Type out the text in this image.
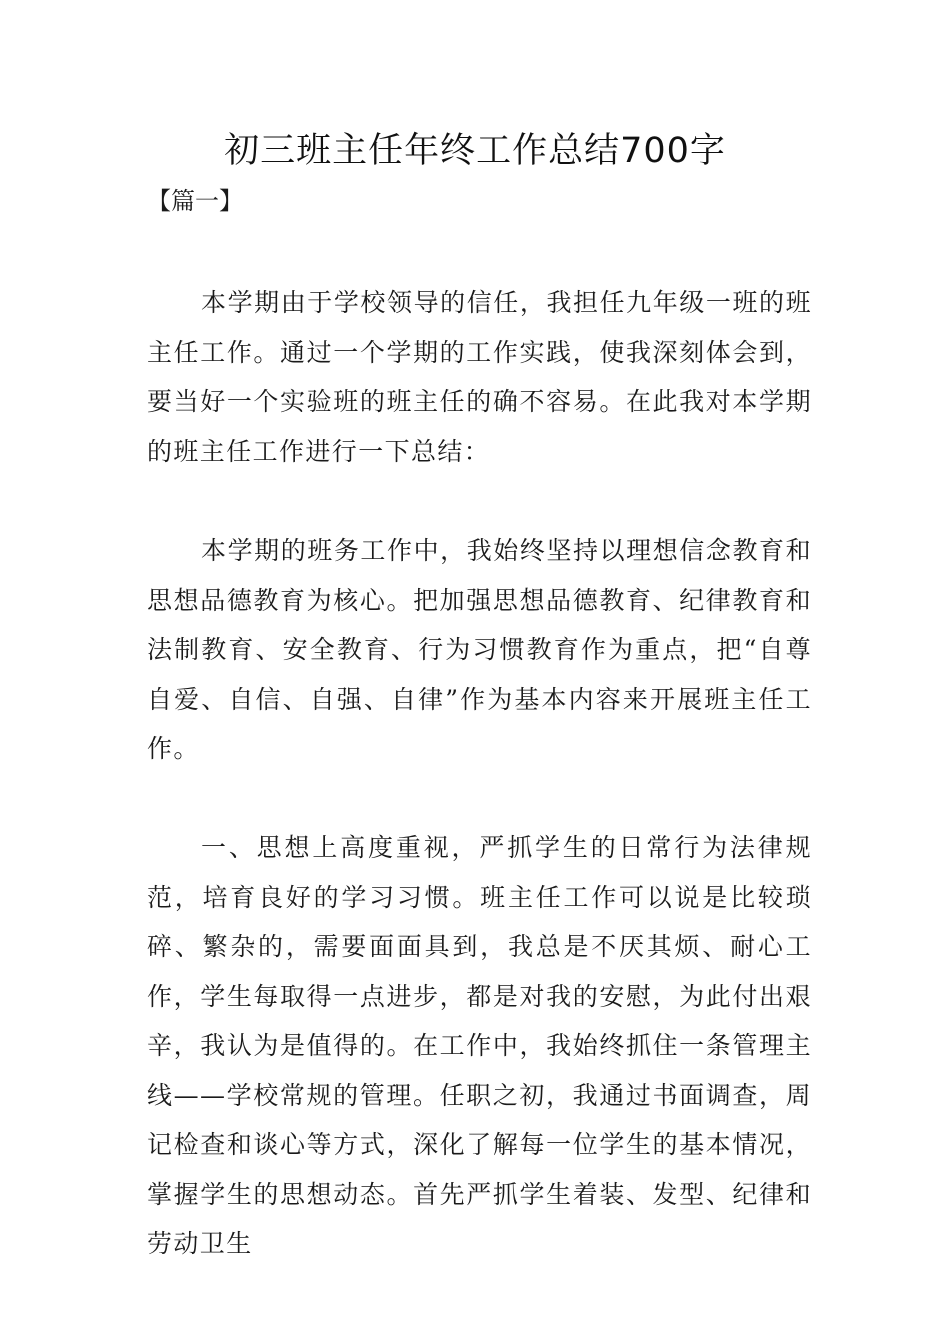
初三班主任年终工作总结700字
【篇一】

本学期由于学校领导的信任，我担任九年级一班的班主任工作。通过一个学期的工作实践，使我深刻体会到，要当好一个实验班的班主任的确不容易。在此我对本学期的班主任工作进行一下总结：

本学期的班务工作中，我始终坚持以理想信念教育和思想品德教育为核心。把加强思想品德教育、纪律教育和法制教育、安全教育、行为习惯教育作为重点，把“自尊自爱、自信、自强、自律”作为基本内容来开展班主任工作。

一、思想上高度重视，严抓学生的日常行为法律规范，培育良好的学习习惯。班主任工作可以说是比较琐碎、繁杂的，需要面面具到，我总是不厌其烦、耐心工作，学生每取得一点进步，都是对我的安慰，为此付出艰辛，我认为是值得的。在工作中，我始终抓住一条管理主线——学校常规的管理。任职之初，我通过书面调查，周记检查和谈心等方式，深化了解每一位学生的基本情况，掌握学生的思想动态。首先严抓学生着装、发型、纪律和劳动卫生
